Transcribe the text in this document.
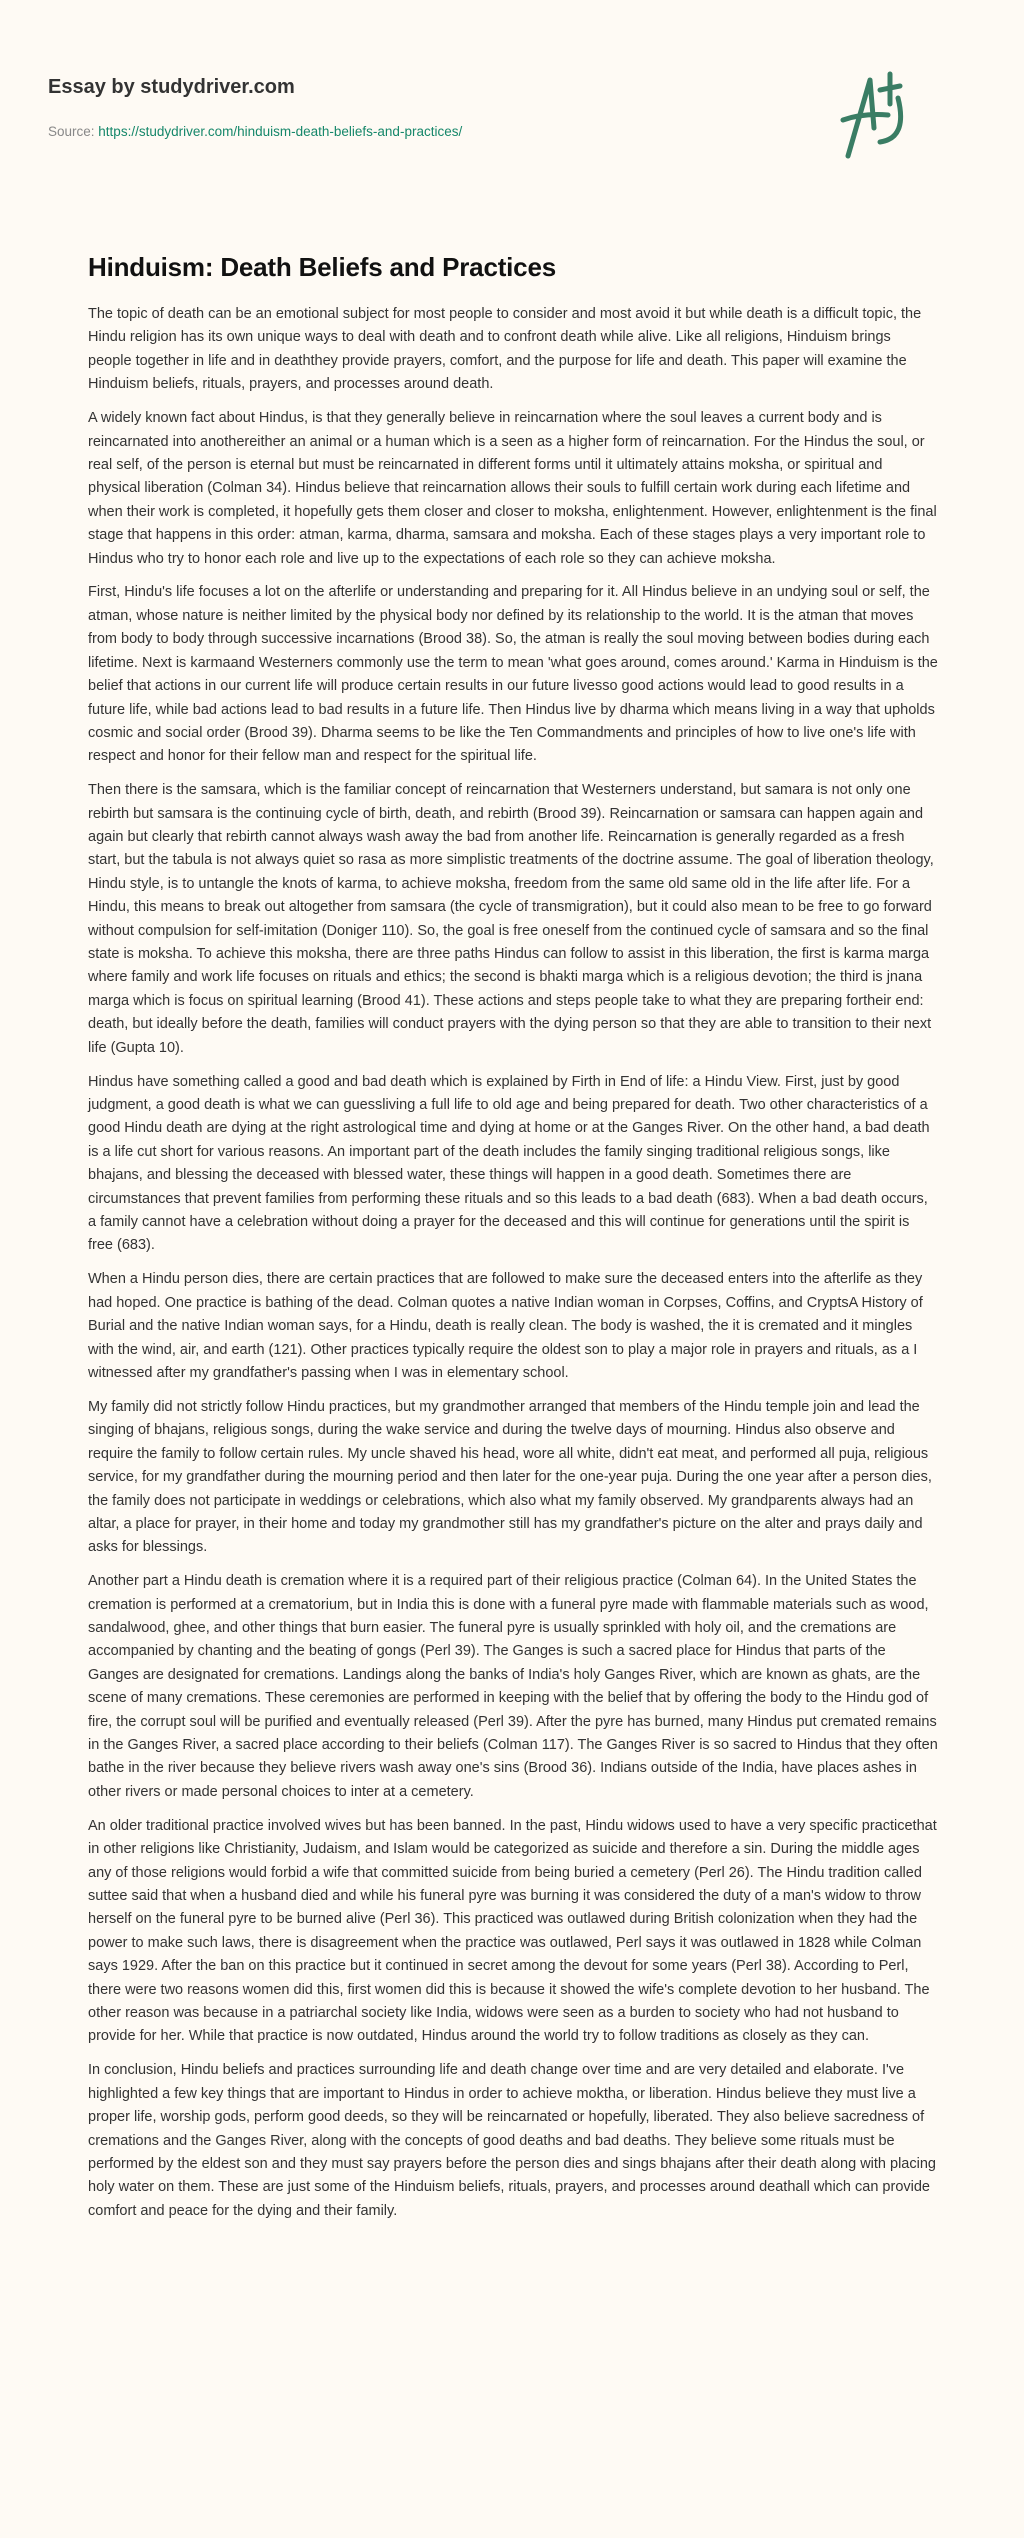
Essay by studydriver.com
Source: https://studydriver.com/hinduism-death-beliefs-and-practices/
Hinduism: Death Beliefs and Practices

The topic of death can be an emotional subject for most people to consider and most avoid it but while death is a difficult topic, the Hindu religion has its own unique ways to deal with death and to confront death while alive. Like all religions, Hinduism brings people together in life and in deaththey provide prayers, comfort, and the purpose for life and death. This paper will examine the Hinduism beliefs, rituals, prayers, and processes around death.

A widely known fact about Hindus, is that they generally believe in reincarnation where the soul leaves a current body and is reincarnated into anothereither an animal or a human which is a seen as a higher form of reincarnation. For the Hindus the soul, or real self, of the person is eternal but must be reincarnated in different forms until it ultimately attains moksha, or spiritual and physical liberation (Colman 34). Hindus believe that reincarnation allows their souls to fulfill certain work during each lifetime and when their work is completed, it hopefully gets them closer and closer to moksha, enlightenment. However, enlightenment is the final stage that happens in this order: atman, karma, dharma, samsara and moksha. Each of these stages plays a very important role to Hindus who try to honor each role and live up to the expectations of each role so they can achieve moksha.

First, Hindu's life focuses a lot on the afterlife or understanding and preparing for it. All Hindus believe in an undying soul or self, the atman, whose nature is neither limited by the physical body nor defined by its relationship to the world. It is the atman that moves from body to body through successive incarnations (Brood 38). So, the atman is really the soul moving between bodies during each lifetime. Next is karmaand Westerners commonly use the term to mean 'what goes around, comes around.' Karma in Hinduism is the belief that actions in our current life will produce certain results in our future livesso good actions would lead to good results in a future life, while bad actions lead to bad results in a future life. Then Hindus live by dharma which means living in a way that upholds cosmic and social order (Brood 39). Dharma seems to be like the Ten Commandments and principles of how to live one's life with respect and honor for their fellow man and respect for the spiritual life.

Then there is the samsara, which is the familiar concept of reincarnation that Westerners understand, but samara is not only one rebirth but samsara is the continuing cycle of birth, death, and rebirth (Brood 39). Reincarnation or samsara can happen again and again but clearly that rebirth cannot always wash away the bad from another life. Reincarnation is generally regarded as a fresh start, but the tabula is not always quiet so rasa as more simplistic treatments of the doctrine assume. The goal of liberation theology, Hindu style, is to untangle the knots of karma, to achieve moksha, freedom from the same old same old in the life after life. For a Hindu, this means to break out altogether from samsara (the cycle of transmigration), but it could also mean to be free to go forward without compulsion for self-imitation (Doniger 110). So, the goal is free oneself from the continued cycle of samsara and so the final state is moksha. To achieve this moksha, there are three paths Hindus can follow to assist in this liberation, the first is karma marga where family and work life focuses on rituals and ethics; the second is bhakti marga which is a religious devotion; the third is jnana marga which is focus on spiritual learning (Brood 41). These actions and steps people take to what they are preparing fortheir end: death, but ideally before the death, families will conduct prayers with the dying person so that they are able to transition to their next life (Gupta 10).

Hindus have something called a good and bad death which is explained by Firth in End of life: a Hindu View. First, just by good judgment, a good death is what we can guessliving a full life to old age and being prepared for death. Two other characteristics of a good Hindu death are dying at the right astrological time and dying at home or at the Ganges River. On the other hand, a bad death is a life cut short for various reasons. An important part of the death includes the family singing traditional religious songs, like bhajans, and blessing the deceased with blessed water, these things will happen in a good death. Sometimes there are circumstances that prevent families from performing these rituals and so this leads to a bad death (683). When a bad death occurs, a family cannot have a celebration without doing a prayer for the deceased and this will continue for generations until the spirit is free (683).

When a Hindu person dies, there are certain practices that are followed to make sure the deceased enters into the afterlife as they had hoped. One practice is bathing of the dead. Colman quotes a native Indian woman in Corpses, Coffins, and CryptsA History of Burial and the native Indian woman says, for a Hindu, death is really clean. The body is washed, the it is cremated and it mingles with the wind, air, and earth (121). Other practices typically require the oldest son to play a major role in prayers and rituals, as a I witnessed after my grandfather's passing when I was in elementary school.

My family did not strictly follow Hindu practices, but my grandmother arranged that members of the Hindu temple join and lead the singing of bhajans, religious songs, during the wake service and during the twelve days of mourning. Hindus also observe and require the family to follow certain rules. My uncle shaved his head, wore all white, didn't eat meat, and performed all puja, religious service, for my grandfather during the mourning period and then later for the one-year puja. During the one year after a person dies, the family does not participate in weddings or celebrations, which also what my family observed. My grandparents always had an altar, a place for prayer, in their home and today my grandmother still has my grandfather's picture on the alter and prays daily and asks for blessings.

Another part a Hindu death is cremation where it is a required part of their religious practice (Colman 64). In the United States the cremation is performed at a crematorium, but in India this is done with a funeral pyre made with flammable materials such as wood, sandalwood, ghee, and other things that burn easier. The funeral pyre is usually sprinkled with holy oil, and the cremations are accompanied by chanting and the beating of gongs (Perl 39). The Ganges is such a sacred place for Hindus that parts of the Ganges are designated for cremations. Landings along the banks of India's holy Ganges River, which are known as ghats, are the scene of many cremations. These ceremonies are performed in keeping with the belief that by offering the body to the Hindu god of fire, the corrupt soul will be purified and eventually released (Perl 39). After the pyre has burned, many Hindus put cremated remains in the Ganges River, a sacred place according to their beliefs (Colman 117). The Ganges River is so sacred to Hindus that they often bathe in the river because they believe rivers wash away one's sins (Brood 36). Indians outside of the India, have places ashes in other rivers or made personal choices to inter at a cemetery.

An older traditional practice involved wives but has been banned. In the past, Hindu widows used to have a very specific practicethat in other religions like Christianity, Judaism, and Islam would be categorized as suicide and therefore a sin. During the middle ages any of those religions would forbid a wife that committed suicide from being buried a cemetery (Perl 26). The Hindu tradition called suttee said that when a husband died and while his funeral pyre was burning it was considered the duty of a man's widow to throw herself on the funeral pyre to be burned alive (Perl 36). This practiced was outlawed during British colonization when they had the power to make such laws, there is disagreement when the practice was outlawed, Perl says it was outlawed in 1828 while Colman says 1929. After the ban on this practice but it continued in secret among the devout for some years (Perl 38). According to Perl, there were two reasons women did this, first women did this is because it showed the wife's complete devotion to her husband. The other reason was because in a patriarchal society like India, widows were seen as a burden to society who had not husband to provide for her. While that practice is now outdated, Hindus around the world try to follow traditions as closely as they can.

In conclusion, Hindu beliefs and practices surrounding life and death change over time and are very detailed and elaborate. I've highlighted a few key things that are important to Hindus in order to achieve moktha, or liberation. Hindus believe they must live a proper life, worship gods, perform good deeds, so they will be reincarnated or hopefully, liberated. They also believe sacredness of cremations and the Ganges River, along with the concepts of good deaths and bad deaths. They believe some rituals must be performed by the eldest son and they must say prayers before the person dies and sings bhajans after their death along with placing holy water on them. These are just some of the Hinduism beliefs, rituals, prayers, and processes around deathall which can provide comfort and peace for the dying and their family.
